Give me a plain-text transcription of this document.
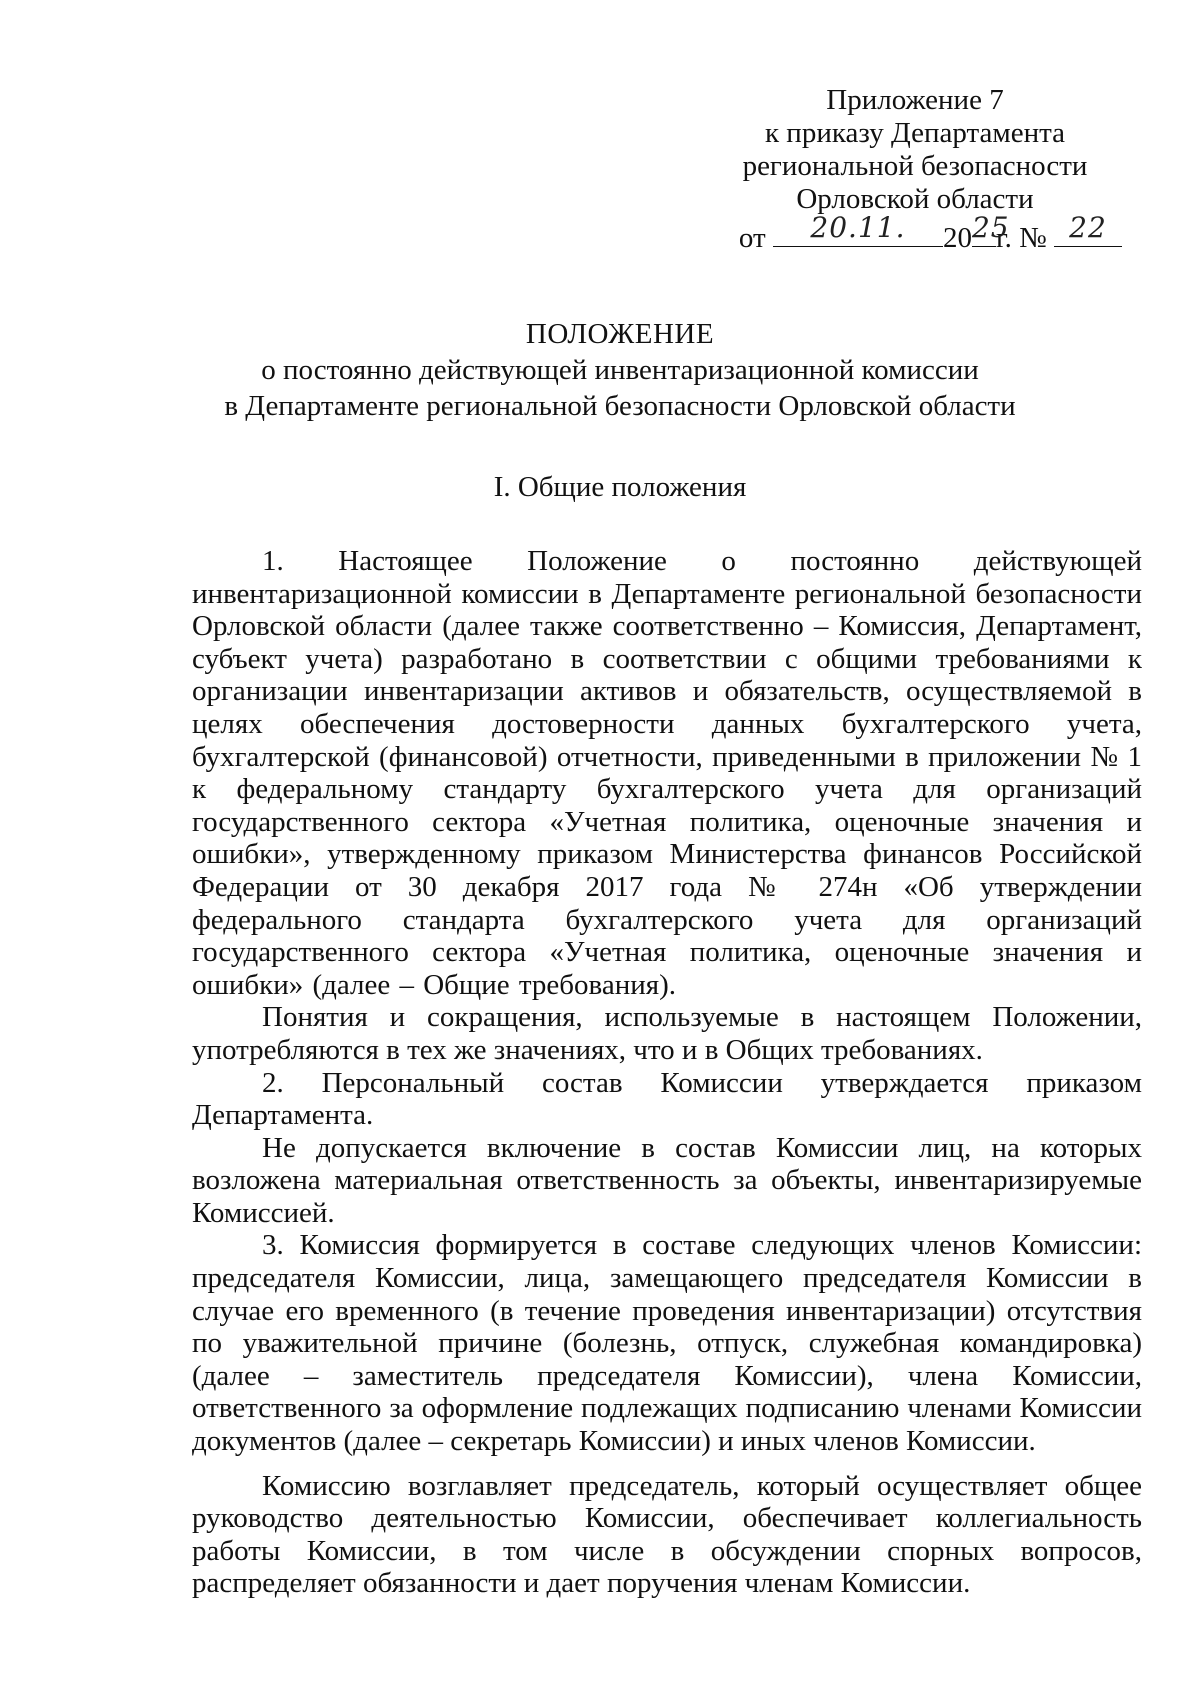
Приложение 7
к приказу Департамента
региональной безопасности
Орловской области
от	20.11.	20 25
г. № 22
ПОЛОЖЕНИЕ
о постоянно действующей инвентаризационной комиссии
в Департаменте региональной безопасности Орловской области
I. Общие положения

1. Настоящее Положение о постоянно действующей инвентаризационной комиссии в Департаменте региональной безопасности Орловской области (далее также соответственно – Комиссия, Департамент, субъект учета) разработано в соответствии с общими требованиями к организации инвентаризации активов и обязательств, осуществляемой в целях обеспечения достоверности данных бухгалтерского учета, бухгалтерской (финансовой) отчетности, приведенными в приложении № 1 к федеральному стандарту бухгалтерского учета для организаций государственного сектора «Учетная политика, оценочные значения и ошибки», утвержденному приказом Министерства финансов Российской Федерации от 30 декабря 2017 года № 274н «Об утверждении федерального стандарта бухгалтерского учета для организаций государственного сектора «Учетная политика, оценочные значения и ошибки» (далее – Общие требования).

Понятия и сокращения, используемые в настоящем Положении, употребляются в тех же значениях, что и в Общих требованиях.

2. Персональный состав Комиссии утверждается приказом Департамента.

Не допускается включение в состав Комиссии лиц, на которых возложена материальная ответственность за объекты, инвентаризируемые Комиссией.

3. Комиссия формируется в составе следующих членов Комиссии: председателя Комиссии, лица, замещающего председателя Комиссии в случае его временного (в течение проведения инвентаризации) отсутствия по уважительной причине (болезнь, отпуск, служебная командировка) (далее – заместитель председателя Комиссии), члена Комиссии, ответственного за оформление подлежащих подписанию членами Комиссии документов (далее – секретарь Комиссии) и иных членов Комиссии.

Комиссию возглавляет председатель, который осуществляет общее руководство деятельностью Комиссии, обеспечивает коллегиальность работы Комиссии, в том числе в обсуждении спорных вопросов, распределяет обязанности и дает поручения членам Комиссии.
